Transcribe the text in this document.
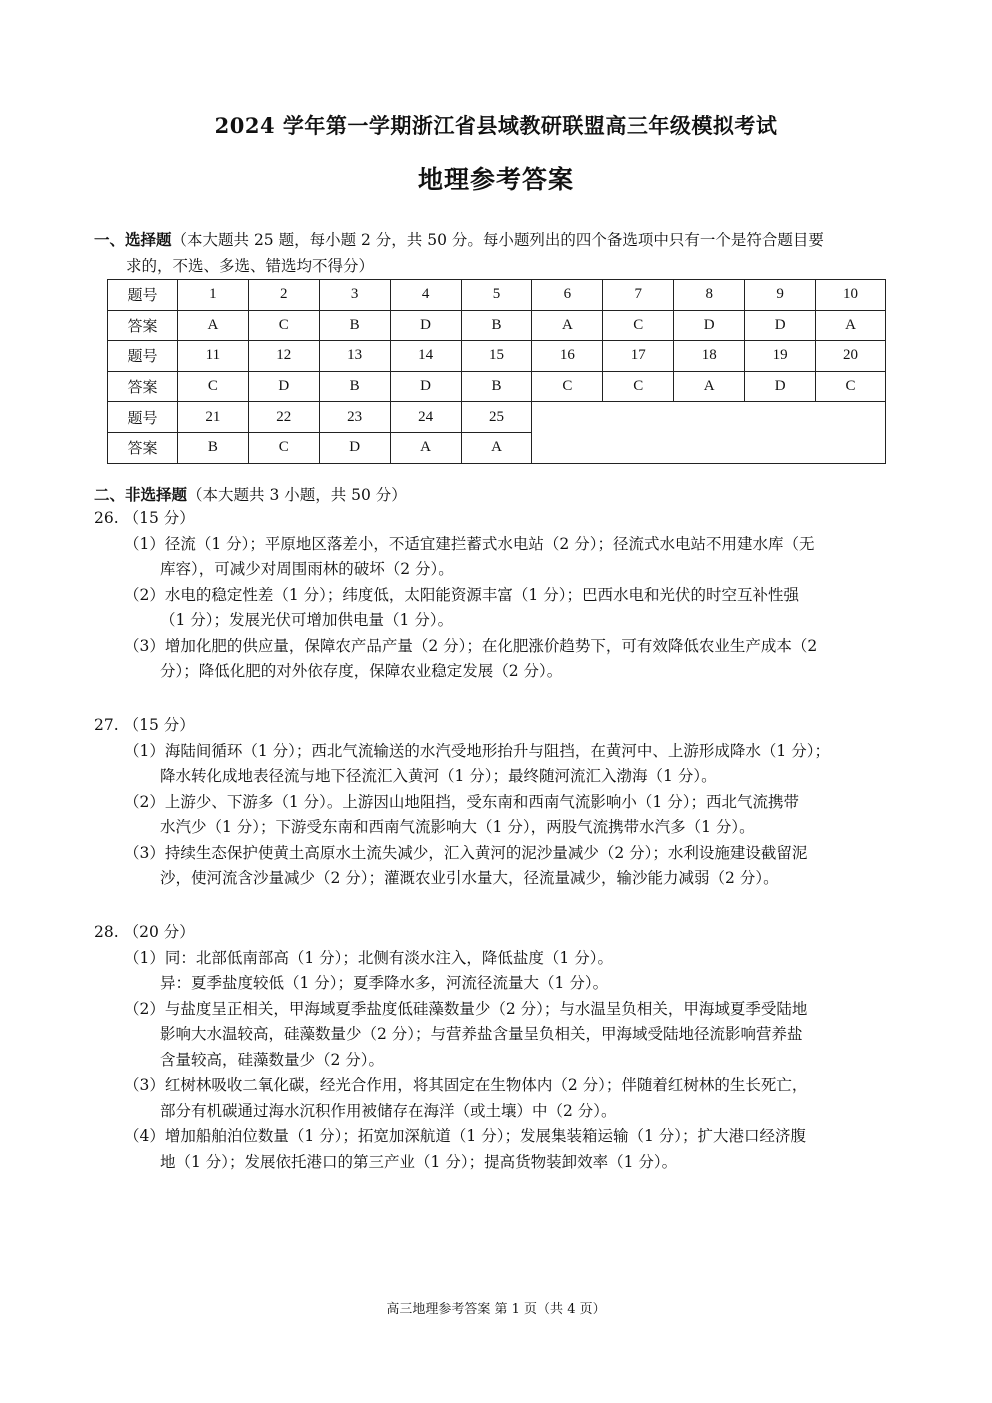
2024 学年第一学期浙江省县域教研联盟高三年级模拟考试
地理参考答案
一、选择题（本大题共 25 题，每小题 2 分，共 50 分。每小题列出的四个备选项中只有一个是符合题目要
求的，不选、多选、错选均不得分）
题号	1	2	3	4	5	6	7	8	9	10
答案	A	C	B	D	B	A	C	D	D	A
题号	11	12	13	14	15	16	17	18	19	20
答案	C	D	B	D	B	C	C	A	D	C
题号	21	22	23	24	25					
答案	B	C	D	A	A					
二、非选择题（本大题共 3 小题，共 50 分）
26. （15 分）
（1）径流（1 分）；平原地区落差小，不适宜建拦蓄式水电站（2 分）；径流式水电站不用建水库（无
库容），可减少对周围雨林的破坏（2 分）。
（2）水电的稳定性差（1 分）；纬度低，太阳能资源丰富（1 分）；巴西水电和光伏的时空互补性强
（1 分）；发展光伏可增加供电量（1 分）。
（3）增加化肥的供应量，保障农产品产量（2 分）；在化肥涨价趋势下，可有效降低农业生产成本（2
分）；降低化肥的对外依存度，保障农业稳定发展（2 分）。
27. （15 分）
（1）海陆间循环（1 分）；西北气流输送的水汽受地形抬升与阻挡，在黄河中、上游形成降水（1 分）；
降水转化成地表径流与地下径流汇入黄河（1 分）；最终随河流汇入渤海（1 分）。
（2）上游少、下游多（1 分）。上游因山地阻挡，受东南和西南气流影响小（1 分）；西北气流携带
水汽少（1 分）；下游受东南和西南气流影响大（1 分），两股气流携带水汽多（1 分）。
（3）持续生态保护使黄土高原水土流失减少，汇入黄河的泥沙量减少（2 分）；水利设施建设截留泥
沙，使河流含沙量减少（2 分）；灌溉农业引水量大，径流量减少，输沙能力减弱（2 分）。
28. （20 分）
（1）同：北部低南部高（1 分）；北侧有淡水注入，降低盐度（1 分）。
异：夏季盐度较低（1 分）；夏季降水多，河流径流量大（1 分）。
（2）与盐度呈正相关，甲海域夏季盐度低硅藻数量少（2 分）；与水温呈负相关，甲海域夏季受陆地
影响大水温较高，硅藻数量少（2 分）；与营养盐含量呈负相关，甲海域受陆地径流影响营养盐
含量较高，硅藻数量少（2 分）。
（3）红树林吸收二氧化碳，经光合作用，将其固定在生物体内（2 分）；伴随着红树林的生长死亡，
部分有机碳通过海水沉积作用被储存在海洋（或土壤）中（2 分）。
（4）增加船舶泊位数量（1 分）；拓宽加深航道（1 分）；发展集装箱运输（1 分）；扩大港口经济腹
地（1 分）；发展依托港口的第三产业（1 分）；提高货物装卸效率（1 分）。
高三地理参考答案 第 1 页（共 4 页）
